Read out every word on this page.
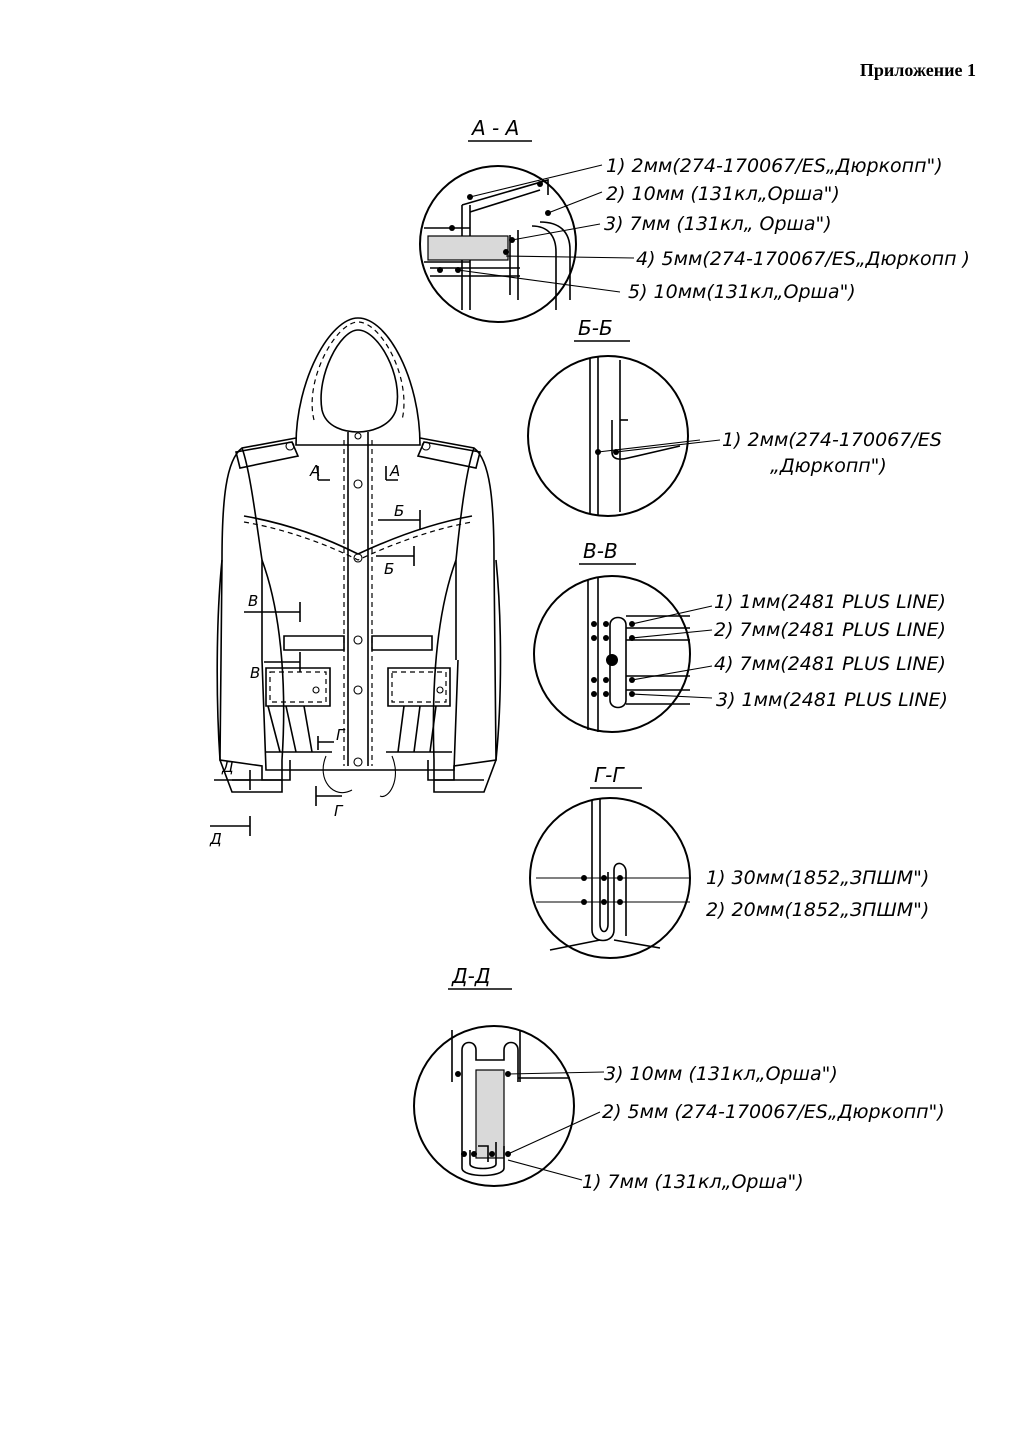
Приложение 1
А - А
1) 2мм(274-170067/ES„Дюркопп")
2) 10мм (131кл„Орша")
3) 7мм (131кл„ Орша")
4) 5мм(274-170067/ES„Дюркопп )
5) 10мм(131кл„Орша")
Б-Б
1) 2мм(274-170067/ES
„Дюркопп")
В-В
1) 1мм(2481 PLUS LINE)
2) 7мм(2481 PLUS LINE)
4) 7мм(2481 PLUS LINE)
3) 1мм(2481 PLUS LINE)
Г-Г
1) 30мм(1852„ЗПШМ")
2) 20мм(1852„ЗПШМ")
Д-Д
3) 10мм (131кл„Орша")
2) 5мм (274-170067/ES„Дюркопп")
1) 7мм (131кл„Орша")
А	А
Б
Б
В
В
Г
Г
Д
Д
